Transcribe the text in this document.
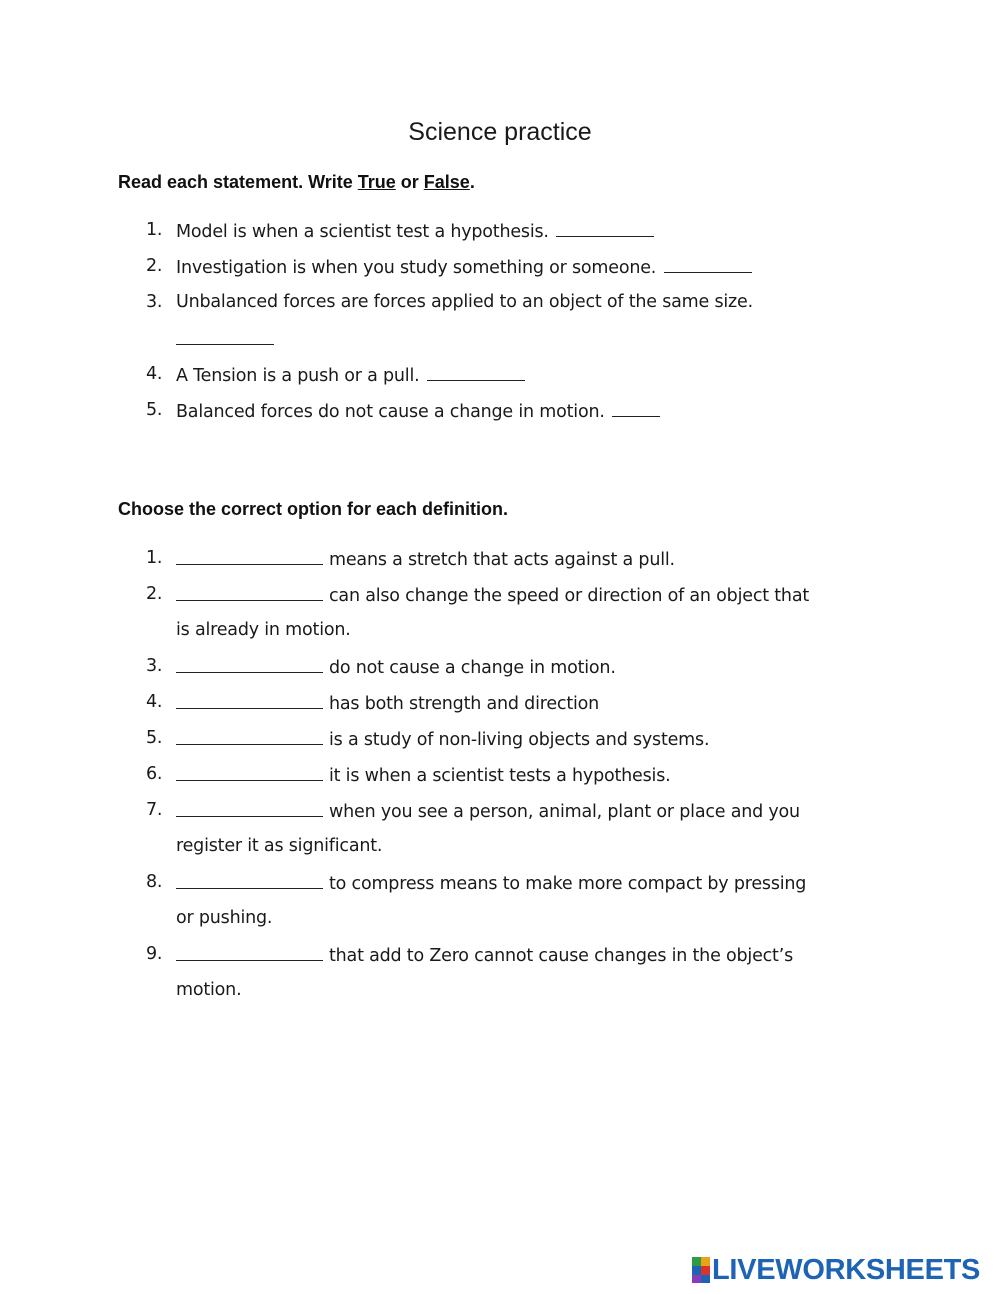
Science practice
Read each statement. Write True or False.
1. Model is when a scientist test a hypothesis.
2. Investigation is when you study something or someone.
3. Unbalanced forces are forces applied to an object of the same size.
4. A Tension is a push or a pull.
5. Balanced forces do not cause a change in motion.
Choose the correct option for each definition.
1.	means a stretch that acts against a pull.
2.	can also change the speed or direction of an object that
is already in motion.
3.	do not cause a change in motion.
4.	has both strength and direction
5.	is a study of non-living objects and systems.
6.	it is when a scientist tests a hypothesis.
7.	when you see a person, animal, plant or place and you
register it as significant.
8.	to compress means to make more compact by pressing
or pushing.
9.	that add to Zero cannot cause changes in the object’s
motion.
LIVEWORKSHEETS
